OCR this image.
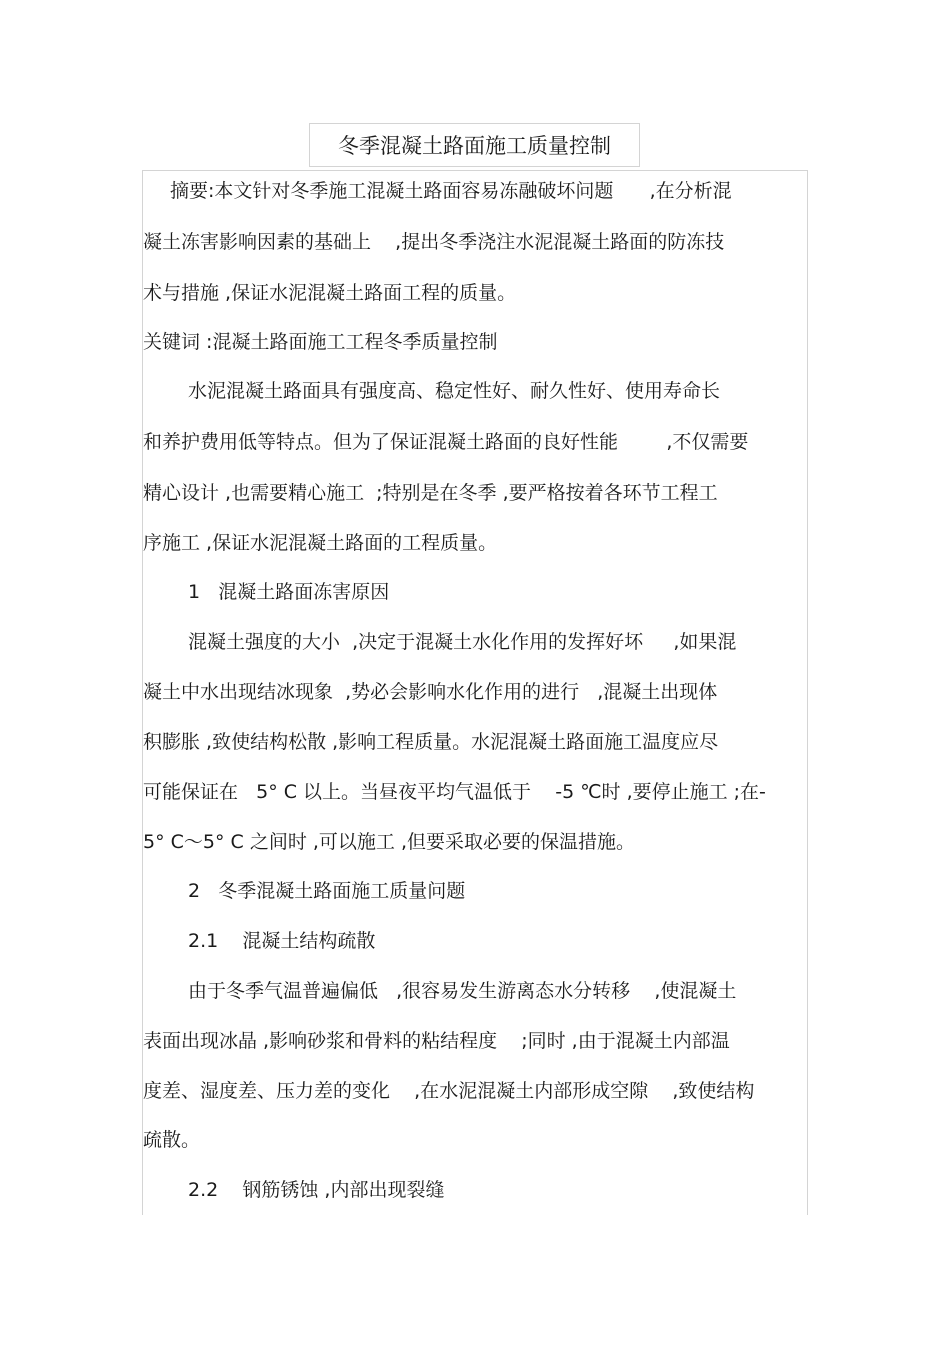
冬季混凝土路面施工质量控制
摘要:本文针对冬季施工混凝土路面容易冻融破坏问题      ,在分析混
凝土冻害影响因素的基础上    ,提出冬季浇注水泥混凝土路面的防冻技
术与措施 ,保证水泥混凝土路面工程的质量。
关键词 :混凝土路面施工工程冬季质量控制
水泥混凝土路面具有强度高、稳定性好、耐久性好、使用寿命长
和养护费用低等特点。但为了保证混凝土路面的良好性能        ,不仅需要
精心设计 ,也需要精心施工  ;特别是在冬季 ,要严格按着各环节工程工
序施工 ,保证水泥混凝土路面的工程质量。
1   混凝土路面冻害原因
混凝土强度的大小  ,决定于混凝土水化作用的发挥好坏     ,如果混
凝土中水出现结冰现象  ,势必会影响水化作用的进行   ,混凝土出现体
积膨胀 ,致使结构松散 ,影响工程质量。水泥混凝土路面施工温度应尽
可能保证在   5° C 以上。当昼夜平均气温低于    -5 ℃时 ,要停止施工 ;在-
5° C～5° C 之间时 ,可以施工 ,但要采取必要的保温措施。
2   冬季混凝土路面施工质量问题
2.1    混凝土结构疏散
由于冬季气温普遍偏低   ,很容易发生游离态水分转移    ,使混凝土
表面出现冰晶 ,影响砂浆和骨料的粘结程度    ;同时 ,由于混凝土内部温
度差、湿度差、压力差的变化    ,在水泥混凝土内部形成空隙    ,致使结构
疏散。
2.2    钢筋锈蚀 ,内部出现裂缝
